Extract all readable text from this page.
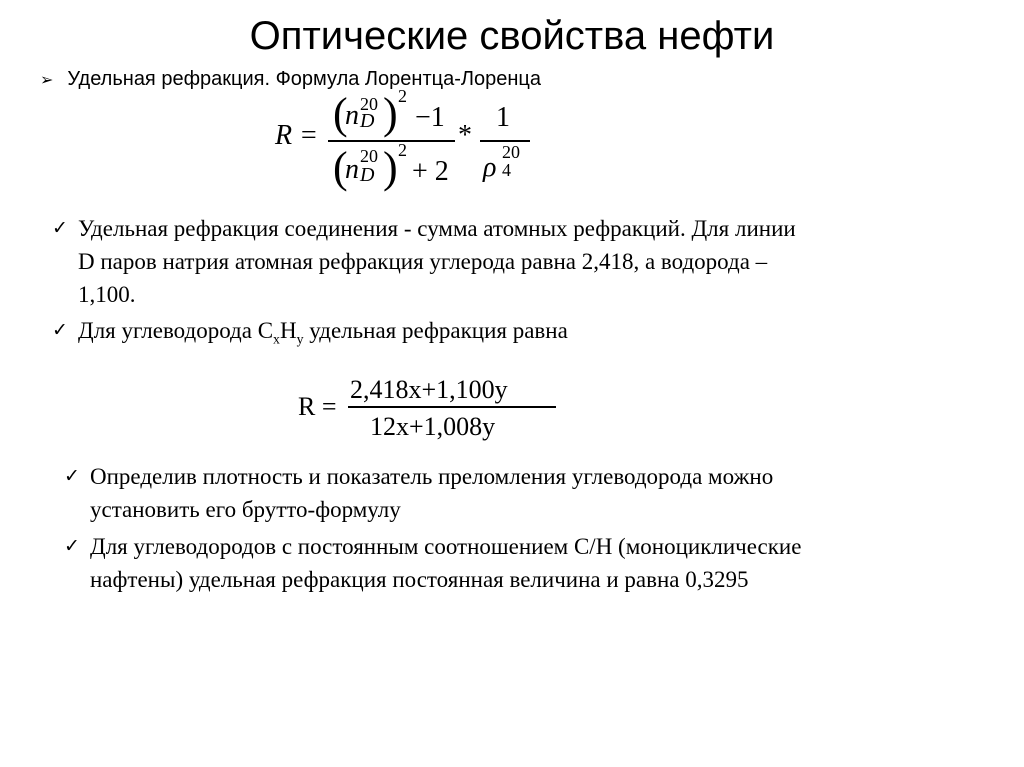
Оптические свойства нефти
➢ Удельная рефракция. Формула Лорентца-Лоренца
R = (
n 20
D ) 2
−1
(
n 20
D ) 2
+ 2
*
1
ρ 20
4
✓ Удельная рефракция соединения - сумма атомных рефракций. Для линии
D паров натрия атомная рефракция углерода равна 2,418, а водорода –
1,100.
✓ Для углеводорода $C_xH_y$ удельная рефракция равна
R =
2,418x+1,100y
12x+1,008y
✓ Определив плотность и показатель преломления углеводорода можно
установить его брутто-формулу
✓ Для углеводородов с постоянным соотношением С/Н (моноциклические
нафтены) удельная рефракция постоянная величина и равна 0,3295
